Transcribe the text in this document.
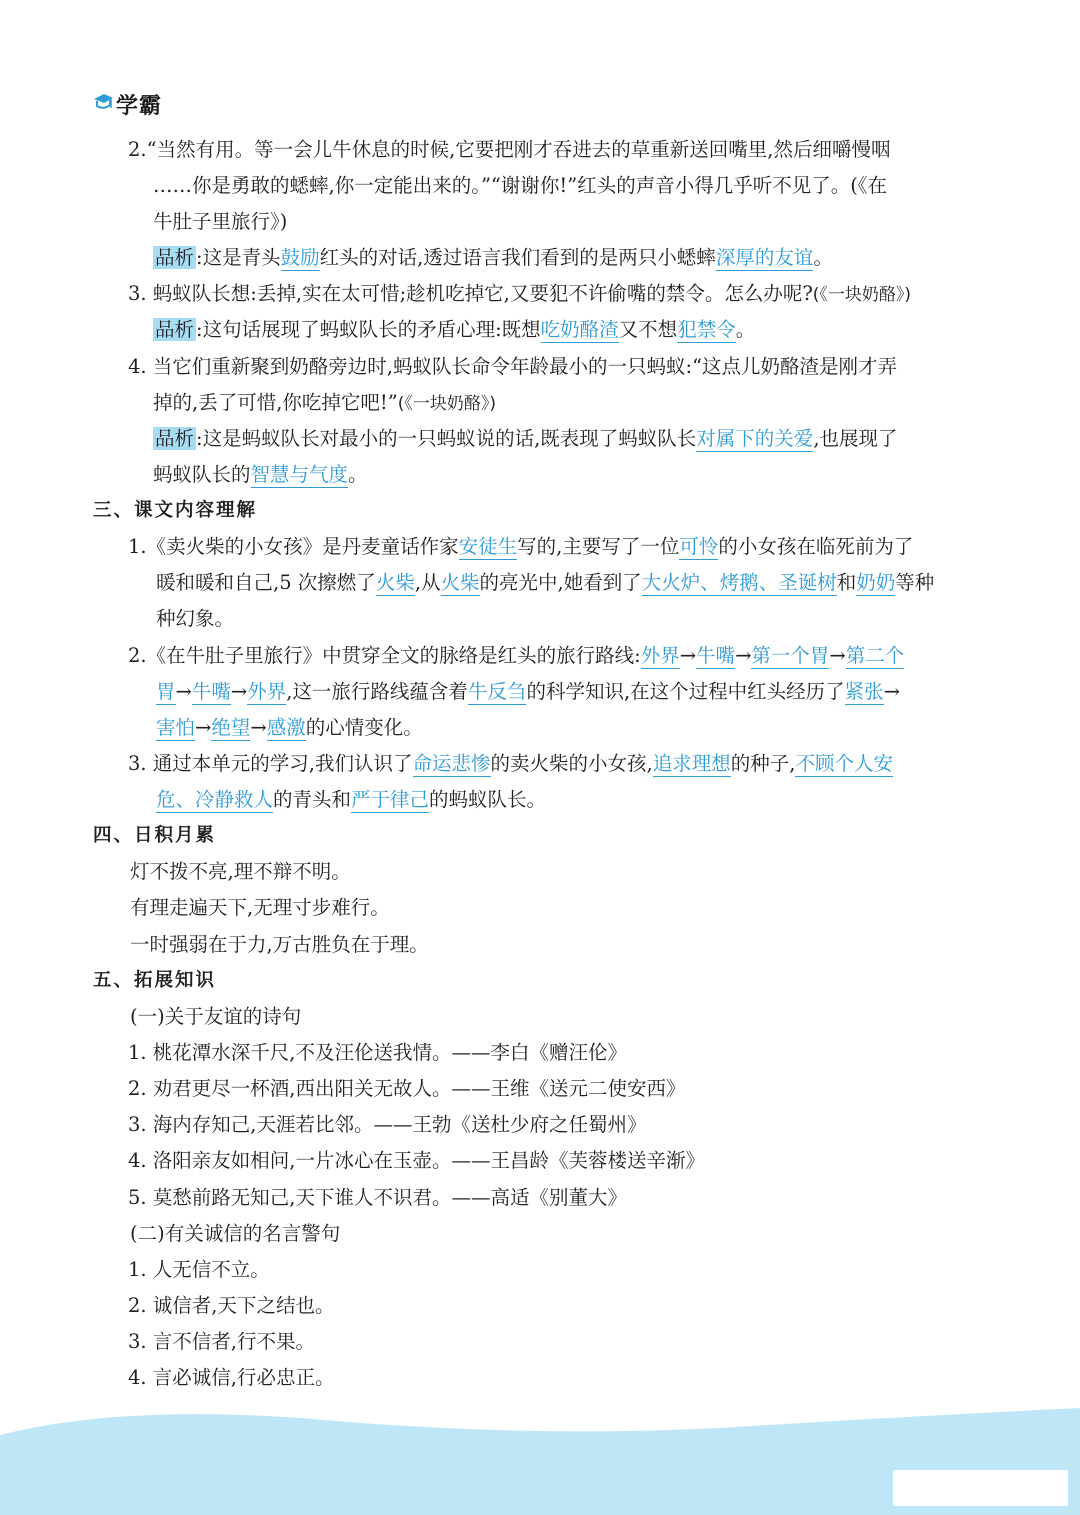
学霸
2.“当然有用。等一会儿牛休息的时候,它要把刚才吞进去的草重新送回嘴里,然后细嚼慢咽
……你是勇敢的蟋蟀,你一定能出来的。”“谢谢你!”红头的声音小得几乎听不见了。(《在
牛肚子里旅行》)
品析 :这是青头鼓励红头的对话,透过语言我们看到的是两只小蟋蟀深厚的友谊。
3. 蚂蚁队长想:丢掉,实在太可惜;趁机吃掉它,又要犯不许偷嘴的禁令。怎么办呢?(《一块奶酪》)
品析 :这句话展现了蚂蚁队长的矛盾心理:既想吃奶酪渣又不想犯禁令。
4. 当它们重新聚到奶酪旁边时,蚂蚁队长命令年龄最小的一只蚂蚁:“这点儿奶酪渣是刚才弄
掉的,丢了可惜,你吃掉它吧!”(《一块奶酪》)
品析 :这是蚂蚁队长对最小的一只蚂蚁说的话,既表现了蚂蚁队长对属下的关爱,也展现了
蚂蚁队长的智慧与气度。
三、课文内容理解
1.《卖火柴的小女孩》是丹麦童话作家安徒生写的,主要写了一位可怜的小女孩在临死前为了
暖和暖和自己,5 次擦燃了火柴,从火柴的亮光中,她看到了大火炉、烤鹅、圣诞树和奶奶等种
种幻象。
2.《在牛肚子里旅行》中贯穿全文的脉络是红头的旅行路线:外界→牛嘴→第一个胃→第二个
胃→牛嘴→外界,这一旅行路线蕴含着牛反刍的科学知识,在这个过程中红头经历了紧张→
害怕→绝望→感激的心情变化。
3. 通过本单元的学习,我们认识了命运悲惨的卖火柴的小女孩,追求理想的种子,不顾个人安
危、冷静救人的青头和严于律己的蚂蚁队长。
四、日积月累
灯不拨不亮,理不辩不明。
有理走遍天下,无理寸步难行。
一时强弱在于力,万古胜负在于理。
五、拓展知识
(一)关于友谊的诗句
1. 桃花潭水深千尺,不及汪伦送我情。——李白《赠汪伦》
2. 劝君更尽一杯酒,西出阳关无故人。——王维《送元二使安西》
3. 海内存知己,天涯若比邻。——王勃《送杜少府之任蜀州》
4. 洛阳亲友如相问,一片冰心在玉壶。——王昌龄《芙蓉楼送辛渐》
5. 莫愁前路无知己,天下谁人不识君。——高适《别董大》
(二)有关诚信的名言警句
1. 人无信不立。
2. 诚信者,天下之结也。
3. 言不信者,行不果。
4. 言必诚信,行必忠正。
